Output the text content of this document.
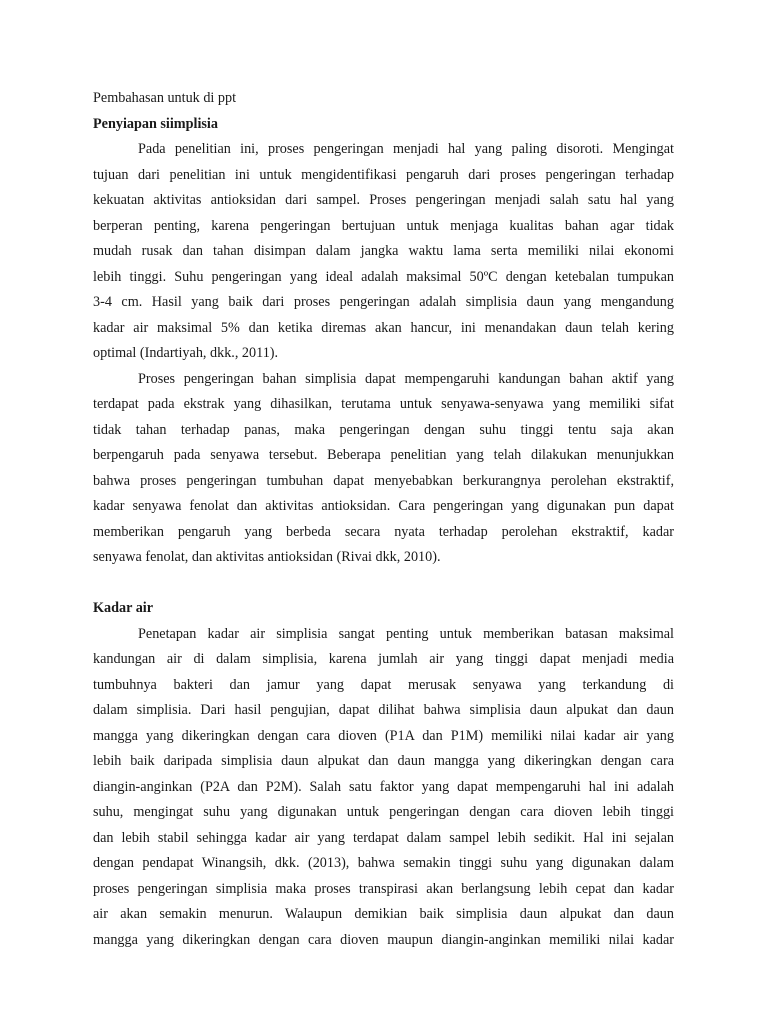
Pembahasan untuk di ppt
Penyiapan siimplisia
Pada penelitian ini, proses pengeringan menjadi hal yang paling disoroti. Mengingat
tujuan dari penelitian ini untuk mengidentifikasi pengaruh dari proses pengeringan terhadap
kekuatan aktivitas antioksidan dari sampel. Proses pengeringan menjadi salah satu hal yang
berperan penting, karena pengeringan bertujuan untuk menjaga kualitas bahan agar tidak
mudah rusak dan tahan disimpan dalam jangka waktu lama serta memiliki nilai ekonomi
lebih tinggi. Suhu pengeringan yang ideal adalah maksimal 50ºC dengan ketebalan tumpukan
3-4 cm. Hasil yang baik dari proses pengeringan adalah simplisia daun yang mengandung
kadar air maksimal 5% dan ketika diremas akan hancur, ini menandakan daun telah kering
optimal (Indartiyah, dkk., 2011).
Proses pengeringan bahan simplisia dapat mempengaruhi kandungan bahan aktif yang
terdapat pada ekstrak yang dihasilkan, terutama untuk senyawa-senyawa yang memiliki sifat
tidak tahan terhadap panas, maka pengeringan dengan suhu tinggi tentu saja akan
berpengaruh pada senyawa tersebut. Beberapa penelitian yang telah dilakukan menunjukkan
bahwa proses pengeringan tumbuhan dapat menyebabkan berkurangnya perolehan ekstraktif,
kadar senyawa fenolat dan aktivitas antioksidan. Cara pengeringan yang digunakan pun dapat
memberikan pengaruh yang berbeda secara nyata terhadap perolehan ekstraktif, kadar
senyawa fenolat, dan aktivitas antioksidan (Rivai dkk, 2010).
Kadar air
Penetapan kadar air simplisia sangat penting untuk memberikan batasan maksimal
kandungan air di dalam simplisia, karena jumlah air yang tinggi dapat menjadi media
tumbuhnya bakteri dan jamur yang dapat merusak senyawa yang terkandung di
dalam simplisia. Dari hasil pengujian, dapat dilihat bahwa simplisia daun alpukat dan daun
mangga yang dikeringkan dengan cara dioven (P1A dan P1M) memiliki nilai kadar air yang
lebih baik daripada simplisia daun alpukat dan daun mangga yang dikeringkan dengan cara
diangin-anginkan (P2A dan P2M). Salah satu faktor yang dapat mempengaruhi hal ini adalah
suhu, mengingat suhu yang digunakan untuk pengeringan dengan cara dioven lebih tinggi
dan lebih stabil sehingga kadar air yang terdapat dalam sampel lebih sedikit. Hal ini sejalan
dengan pendapat Winangsih, dkk. (2013), bahwa semakin tinggi suhu yang digunakan dalam
proses pengeringan simplisia maka proses transpirasi akan berlangsung lebih cepat dan kadar
air akan semakin menurun. Walaupun demikian baik simplisia daun alpukat dan daun
mangga yang dikeringkan dengan cara dioven maupun diangin-anginkan memiliki nilai kadar
